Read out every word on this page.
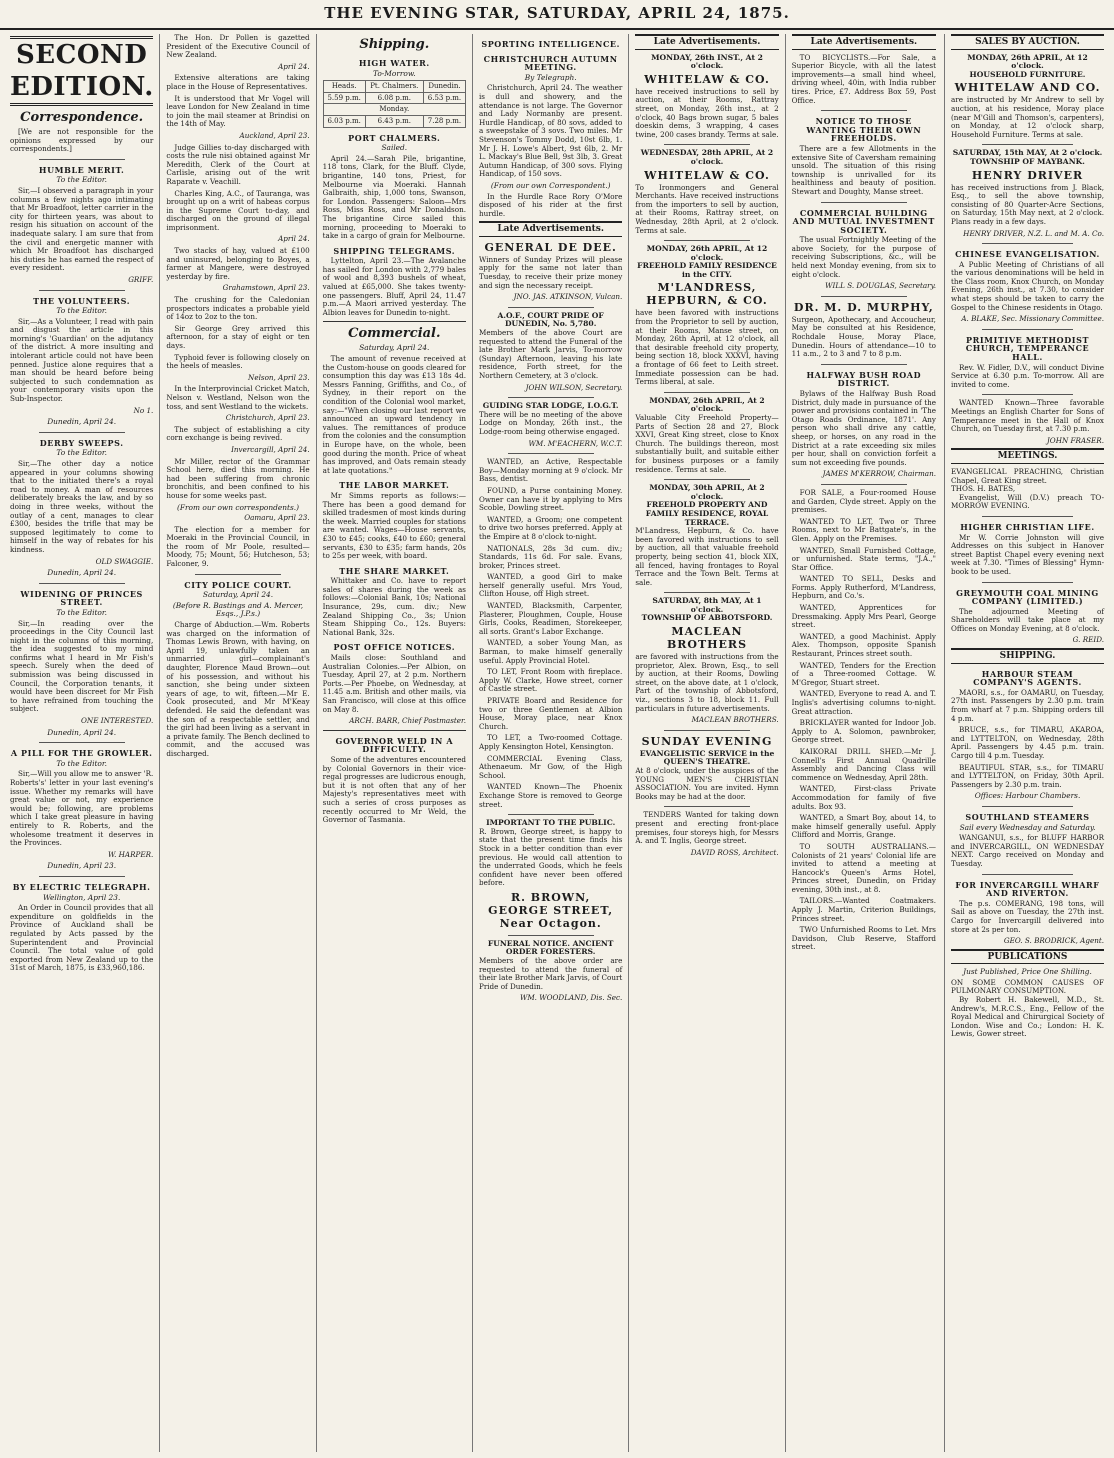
THE EVENING STAR, SATURDAY, APRIL 24, 1875.
SECOND EDITION.
Correspondence.

[We are not responsible for the opinions expressed by our correspondents.]

HUMBLE MERIT.
To the Editor.

Sir,—I observed a paragraph in your columns a few nights ago intimating that Mr Broadfoot, letter carrier in the city for thirteen years, was about to resign his situation on account of the inadequate salary. I am sure that from the civil and energetic manner with which Mr Broadfoot has discharged his duties he has earned the respect of every resident.

GRIFF.
THE VOLUNTEERS.
To the Editor.

Sir,—As a Volunteer, I read with pain and disgust the article in this morning's 'Guardian' on the adjutancy of the district. A more insulting and intolerant article could not have been penned. Justice alone requires that a man should be heard before being subjected to such condemnation as your contemporary visits upon the Sub-Inspector.

No 1.
Dunedin, April 24.
DERBY SWEEPS.
To the Editor.

Sir,—The other day a notice appeared in your columns showing that to the initiated there's a royal road to money. A man of resources deliberately breaks the law, and by so doing in three weeks, without the outlay of a cent, manages to clear £300, besides the trifle that may be supposed legitimately to come to himself in the way of rebates for his kindness.

OLD SWAGGIE.
Dunedin, April 24.
WIDENING OF PRINCES STREET.
To the Editor.

Sir,—In reading over the proceedings in the City Council last night in the columns of this morning, the idea suggested to my mind confirms what I heard in Mr Fish's speech. Surely when the deed of submission was being discussed in Council, the Corporation tenants, it would have been discreet for Mr Fish to have refrained from touching the subject.

ONE INTERESTED.
Dunedin, April 24.
A PILL FOR THE GROWLER.
To the Editor.

Sir,—Will you allow me to answer 'R. Roberts's' letter in your last evening's issue. Whether my remarks will have great value or not, my experience would be; following, are problems which I take great pleasure in having entirely to R. Roberts, and the wholesome treatment it deserves in the Provinces.

W. HARPER.
Dunedin, April 23.
BY ELECTRIC TELEGRAPH.
Wellington, April 23.

An Order in Council provides that all expenditure on goldfields in the Province of Auckland shall be regulated by Acts passed by the Superintendent and Provincial Council. The total value of gold exported from New Zealand up to the 31st of March, 1875, is £33,960,186.

The Hon. Dr Pollen is gazetted President of the Executive Council of New Zealand.

April 24.

Extensive alterations are taking place in the House of Representatives.

It is understood that Mr Vogel will leave London for New Zealand in time to join the mail steamer at Brindisi on the 14th of May.

Auckland, April 23.

Judge Gillies to-day discharged with costs the rule nisi obtained against Mr Meredith, Clerk of the Court at Carlisle, arising out of the writ Raparate v. Veachill.

Charles King, A.C., of Tauranga, was brought up on a writ of habeas corpus in the Supreme Court to-day, and discharged on the ground of illegal imprisonment.

April 24.

Two stacks of hay, valued at £100 and uninsured, belonging to Boyes, a farmer at Mangere, were destroyed yesterday by fire.

Grahamstown, April 23.

The crushing for the Caledonian prospectors indicates a probable yield of 14oz to 2oz to the ton.

Sir George Grey arrived this afternoon, for a stay of eight or ten days.

Typhoid fever is following closely on the heels of measles.

Nelson, April 23.

In the Interprovincial Cricket Match, Nelson v. Westland, Nelson won the toss, and sent Westland to the wickets.

Christchurch, April 23.

The subject of establishing a city corn exchange is being revived.

Invercargill, April 24.

Mr Miller, rector of the Grammar School here, died this morning. He had been suffering from chronic bronchitis, and been confined to his house for some weeks past.

(From our own correspondents.)
Oamaru, April 23.

The election for a member for Moeraki in the Provincial Council, in the room of Mr Poole, resulted—Moody, 75; Mount, 56; Hutcheson, 53; Falconer, 9.

CITY POLICE COURT.
Saturday, April 24.
(Before R. Bastings and A. Mercer, Esqs., J.P.s.)

Charge of Abduction.—Wm. Roberts was charged on the information of Thomas Lewis Brown, with having, on April 19, unlawfully taken an unmarried girl—complainant's daughter, Florence Maud Brown—out of his possession, and without his sanction, she being under sixteen years of age, to wit, fifteen.—Mr E. Cook prosecuted, and Mr M'Keay defended. He said the defendant was the son of a respectable settler, and the girl had been living as a servant in a private family. The Bench declined to commit, and the accused was discharged.

Shipping.
HIGH WATER.
To-Morrow.
Heads.	Pt. Chalmers.	Dunedin.
5.59 p.m.	6.08 p.m.	6.53 p.m.
Monday.		
6.03 p.m.	6.43 p.m.	7.28 p.m.
PORT CHALMERS.
Sailed.

April 24.—Sarah Pile, brigantine, 118 tons, Clark, for the Bluff. Clyde, brigantine, 140 tons, Priest, for Melbourne via Moeraki. Hannah Galbraith, ship, 1,000 tons, Swanson, for London. Passengers: Saloon—Mrs Ross, Miss Ross, and Mr Donaldson. The brigantine Circe sailed this morning, proceeding to Moeraki to take in a cargo of grain for Melbourne.

SHIPPING TELEGRAMS.

Lyttelton, April 23.—The Avalanche has sailed for London with 2,779 bales of wool and 8,393 bushels of wheat, valued at £65,000. She takes twenty-one passengers. Bluff, April 24, 11.47 p.m.—A Maori arrived yesterday. The Albion leaves for Dunedin to-night.

Commercial.
Saturday, April 24.

The amount of revenue received at the Custom-house on goods cleared for consumption this day was £13 18s 4d. Messrs Fanning, Griffiths, and Co., of Sydney, in their report on the condition of the Colonial wool market, say:—"When closing our last report we announced an upward tendency in values. The remittances of produce from the colonies and the consumption in Europe have, on the whole, been good during the month. Price of wheat has improved, and Oats remain steady at late quotations."

THE LABOR MARKET.

Mr Simms reports as follows:—There has been a good demand for skilled tradesmen of most kinds during the week. Married couples for stations are wanted. Wages—House servants, £30 to £45; cooks, £40 to £60; general servants, £30 to £35; farm hands, 20s to 25s per week, with board.

THE SHARE MARKET.

Whittaker and Co. have to report sales of shares during the week as follows:—Colonial Bank, 10s; National Insurance, 29s, cum. div.; New Zealand Shipping Co., 3s; Union Steam Shipping Co., 12s. Buyers: National Bank, 32s.

POST OFFICE NOTICES.

Mails close: Southland and Australian Colonies.—Per Albion, on Tuesday, April 27, at 2 p.m. Northern Ports.—Per Phoebe, on Wednesday, at 11.45 a.m. British and other mails, via San Francisco, will close at this office on May 8.

ARCH. BARR, Chief Postmaster.
GOVERNOR WELD IN A DIFFICULTY.

Some of the adventures encountered by Colonial Governors in their vice-regal progresses are ludicrous enough, but it is not often that any of her Majesty's representatives meet with such a series of cross purposes as recently occurred to Mr Weld, the Governor of Tasmania.

SPORTING INTELLIGENCE.
CHRISTCHURCH AUTUMN MEETING.
By Telegraph.

Christchurch, April 24. The weather is dull and showery, and the attendance is not large. The Governor and Lady Normanby are present. Hurdle Handicap, of 80 sovs, added to a sweepstake of 3 sovs. Two miles. Mr Stevenson's Tommy Dodd, 10st 6lb, 1. Mr J. H. Lowe's Albert, 9st 6lb, 2. Mr L. Mackay's Blue Bell, 9st 3lb, 3. Great Autumn Handicap, of 300 sovs. Flying Handicap, of 150 sovs.

(From our own Correspondent.)

In the Hurdle Race Rory O'More disposed of his rider at the first hurdle.

Late Advertisements.
GENERAL DE DEE.

Winners of Sunday Prizes will please apply for the same not later than Tuesday, to receive their prize money and sign the necessary receipt.

JNO. JAS. ATKINSON, Vulcan.
A.O.F., COURT PRIDE OF DUNEDIN, No. 5,780.

Members of the above Court are requested to attend the Funeral of the late Brother Mark Jarvis, To-morrow (Sunday) Afternoon, leaving his late residence, Forth street, for the Northern Cemetery, at 3 o'clock.

JOHN WILSON, Secretary.
GUIDING STAR LODGE, I.O.G.T.

There will be no meeting of the above Lodge on Monday, 26th inst., the Lodge-room being otherwise engaged.

WM. M'EACHERN, W.C.T.

WANTED, an Active, Respectable Boy—Monday morning at 9 o'clock. Mr Bass, dentist.

FOUND, a Purse containing Money. Owner can have it by applying to Mrs Scoble, Dowling street.

WANTED, a Groom; one competent to drive two horses preferred. Apply at the Empire at 8 o'clock to-night.

NATIONALS, 28s 3d cum. div.; Standards, 11s 6d. For sale. Evans, broker, Princes street.

WANTED, a good Girl to make herself generally useful. Mrs Youd, Clifton House, off High street.

WANTED, Blacksmith, Carpenter, Plasterer, Ploughmen, Couple, House Girls, Cooks, Readimen, Storekeeper, all sorts. Grant's Labor Exchange.

WANTED, a sober Young Man, as Barman, to make himself generally useful. Apply Provincial Hotel.

TO LET, Front Room with fireplace. Apply W. Clarke, Howe street, corner of Castle street.

PRIVATE Board and Residence for two or three Gentlemen at Albion House, Moray place, near Knox Church.

TO LET, a Two-roomed Cottage. Apply Kensington Hotel, Kensington.

COMMERCIAL Evening Class, Athenaeum. Mr Gow, of the High School.

WANTED Known—The Phoenix Exchange Store is removed to George street.

IMPORTANT TO THE PUBLIC.

R. Brown, George street, is happy to state that the present time finds his Stock in a better condition than ever previous. He would call attention to the underrated Goods, which he feels confident have never been offered before.

R. BROWN, GEORGE STREET, Near Octagon.
FUNERAL NOTICE. ANCIENT ORDER FORESTERS.

Members of the above order are requested to attend the funeral of their late Brother Mark Jarvis, of Court Pride of Dunedin.

WM. WOODLAND, Dis. Sec.
Late Advertisements.
MONDAY, 26th INST., At 2 o'clock.
WHITELAW & CO.

have received instructions to sell by auction, at their Rooms, Rattray street, on Monday, 26th inst., at 2 o'clock, 40 Bags brown sugar, 5 bales doeskin dems, 3 wrapping, 4 cases twine, 200 cases brandy. Terms at sale.

WEDNESDAY, 28th APRIL, At 2 o'clock.
WHITELAW & CO.

To Ironmongers and General Merchants. Have received instructions from the importers to sell by auction, at their Rooms, Rattray street, on Wednesday, 28th April, at 2 o'clock. Terms at sale.

MONDAY, 26th APRIL, At 12 o'clock.
FREEHOLD FAMILY RESIDENCE in the CITY.
M'LANDRESS, HEPBURN, & CO.

have been favored with instructions from the Proprietor to sell by auction, at their Rooms, Manse street, on Monday, 26th April, at 12 o'clock, all that desirable freehold city property, being section 18, block XXXVI, having a frontage of 66 feet to Leith street. Immediate possession can be had. Terms liberal, at sale.

MONDAY, 26th APRIL, At 2 o'clock.

Valuable City Freehold Property—Parts of Section 28 and 27, Block XXVI, Great King street, close to Knox Church. The buildings thereon, most substantially built, and suitable either for business purposes or a family residence. Terms at sale.

MONDAY, 30th APRIL, At 2 o'clock.
FREEHOLD PROPERTY AND FAMILY RESIDENCE, ROYAL TERRACE.

M'Landress, Hepburn, & Co. have been favored with instructions to sell by auction, all that valuable freehold property, being section 41, block XIX, all fenced, having frontages to Royal Terrace and the Town Belt. Terms at sale.

SATURDAY, 8th MAY, At 1 o'clock.
TOWNSHIP OF ABBOTSFORD.
MACLEAN BROTHERS

are favored with instructions from the proprietor, Alex. Brown, Esq., to sell by auction, at their Rooms, Dowling street, on the above date, at 1 o'clock, Part of the township of Abbotsford, viz., sections 3 to 18, block 11. Full particulars in future advertisements.

MACLEAN BROTHERS.
SUNDAY EVENING
EVANGELISTIC SERVICE in the QUEEN'S THEATRE.

At 8 o'clock, under the auspices of the YOUNG MEN'S CHRISTIAN ASSOCIATION. You are invited. Hymn Books may be had at the door.

TENDERS Wanted for taking down present and erecting front-place premises, four storeys high, for Messrs A. and T. Inglis, George street.

DAVID ROSS, Architect.
Late Advertisements.

TO BICYCLISTS.—For Sale, a Superior Bicycle, with all the latest improvements—a small hind wheel, driving wheel, 40in, with India rubber tires. Price, £7. Address Box 59, Post Office.

NOTICE TO THOSE WANTING THEIR OWN FREEHOLDS.

There are a few Allotments in the extensive Site of Caversham remaining unsold. The situation of this rising township is unrivalled for its healthiness and beauty of position. Stewart and Doughty, Manse street.

COMMERCIAL BUILDING AND MUTUAL INVESTMENT SOCIETY.

The usual Fortnightly Meeting of the above Society, for the purpose of receiving Subscriptions, &c., will be held next Monday evening, from six to eight o'clock.

WILL S. DOUGLAS, Secretary.
DR. M. D. MURPHY,

Surgeon, Apothecary, and Accoucheur, May be consulted at his Residence, Rochdale House, Moray Place, Dunedin. Hours of attendance—10 to 11 a.m., 2 to 3 and 7 to 8 p.m.

HALFWAY BUSH ROAD DISTRICT.

Bylaws of the Halfway Bush Road District, duly made in pursuance of the power and provisions contained in 'The Otago Roads Ordinance, 1871'. Any person who shall drive any cattle, sheep, or horses, on any road in the District at a rate exceeding six miles per hour, shall on conviction forfeit a sum not exceeding five pounds.

JAMES M'KERROW, Chairman.

FOR SALE, a Four-roomed House and Garden, Clyde street. Apply on the premises.

WANTED TO LET, Two or Three Rooms, next to Mr Battgate's, in the Glen. Apply on the Premises.

WANTED, Small Furnished Cottage, or unfurnished. State terms, "J.A.," Star Office.

WANTED TO SELL, Desks and Forms. Apply Rutherford, M'Landress, Hepburn, and Co.'s.

WANTED, Apprentices for Dressmaking. Apply Mrs Pearl, George street.

WANTED, a good Machinist. Apply Alex. Thompson, opposite Spanish Restaurant, Princes street south.

WANTED, Tenders for the Erection of a Three-roomed Cottage. W. M'Gregor, Stuart street.

WANTED, Everyone to read A. and T. Inglis's advertising columns to-night. Great attraction.

BRICKLAYER wanted for Indoor Job. Apply to A. Solomon, pawnbroker, George street.

KAIKORAI DRILL SHED.—Mr J. Connell's First Annual Quadrille Assembly and Dancing Class will commence on Wednesday, April 28th.

WANTED, First-class Private Accommodation for family of five adults. Box 93.

WANTED, a Smart Boy, about 14, to make himself generally useful. Apply Clifford and Morris, Grange.

TO SOUTH AUSTRALIANS.—Colonists of 21 years' Colonial life are invited to attend a meeting at Hancock's Queen's Arms Hotel, Princes street, Dunedin, on Friday evening, 30th inst., at 8.

TAILORS.—Wanted Coatmakers. Apply J. Martin, Criterion Buildings, Princes street.

TWO Unfurnished Rooms to Let. Mrs Davidson, Club Reserve, Stafford street.

SALES BY AUCTION.
MONDAY, 26th APRIL, At 12 o'clock.
HOUSEHOLD FURNITURE.
WHITELAW AND CO.

are instructed by Mr Andrew to sell by auction, at his residence, Moray place (near M'Gill and Thomson's, carpenters), on Monday, at 12 o'clock sharp, Household Furniture. Terms at sale.

SATURDAY, 15th MAY, At 2 o'clock.
TOWNSHIP OF MAYBANK.
HENRY DRIVER

has received instructions from J. Black, Esq., to sell the above township, consisting of 80 Quarter-Acre Sections, on Saturday, 15th May next, at 2 o'clock. Plans ready in a few days.

HENRY DRIVER, N.Z. L. and M. A. Co.
CHINESE EVANGELISATION.

A Public Meeting of Christians of all the various denominations will be held in the Class room, Knox Church, on Monday Evening, 26th inst., at 7.30, to consider what steps should be taken to carry the Gospel to the Chinese residents in Otago.

A. BLAKE, Sec. Missionary Committee.
PRIMITIVE METHODIST CHURCH, TEMPERANCE HALL.

Rev. W. Fidler, D.V., will conduct Divine Service at 6.30 p.m. To-morrow. All are invited to come.

WANTED Known—Three favorable Meetings an English Charter for Sons of Temperance meet in the Hall of Knox Church, on Tuesday first, at 7.30 p.m.

JOHN FRASER.
MEETINGS.
EVANGELICAL PREACHING, Christian Chapel, Great King street.
THOS. H. BATES,

Evangelist, Will (D.V.) preach TO-MORROW EVENING.

HIGHER CHRISTIAN LIFE.

Mr W. Corrie Johnston will give Addresses on this subject in Hanover street Baptist Chapel every evening next week at 7.30. "Times of Blessing" Hymn-book to be used.

GREYMOUTH COAL MINING COMPANY (LIMITED.)

The adjourned Meeting of Shareholders will take place at my Offices on Monday Evening, at 8 o'clock.

G. REID.
SHIPPING.
HARBOUR STEAM COMPANY'S AGENTS.

MAORI, s.s., for OAMARU, on Tuesday, 27th inst. Passengers by 2.30 p.m. train from wharf at 7 p.m. Shipping orders till 4 p.m.

BRUCE, s.s., for TIMARU, AKAROA, and LYTTELTON, on Wednesday, 28th April. Passengers by 4.45 p.m. train. Cargo till 4 p.m. Tuesday.

BEAUTIFUL STAR, s.s., for TIMARU and LYTTELTON, on Friday, 30th April. Passengers by 2.30 p.m. train.

Offices: Harbour Chambers.
SOUTHLAND STEAMERS
Sail every Wednesday and Saturday.

WANGANUI, s.s., for BLUFF HARBOR and INVERCARGILL, ON WEDNESDAY NEXT. Cargo received on Monday and Tuesday.

FOR INVERCARGILL WHARF AND RIVERTON.

The p.s. COMERANG, 198 tons, will Sail as above on Tuesday, the 27th inst. Cargo for Invercargill delivered into store at 2s per ton.

GEO. S. BRODRICK, Agent.
PUBLICATIONS
Just Published, Price One Shilling.
ON SOME COMMON CAUSES OF PULMONARY CONSUMPTION.

By Robert H. Bakewell, M.D., St. Andrew's, M.R.C.S., Eng., Fellow of the Royal Medical and Chirurgical Society of London. Wise and Co.; London: H. K. Lewis, Gower street.
